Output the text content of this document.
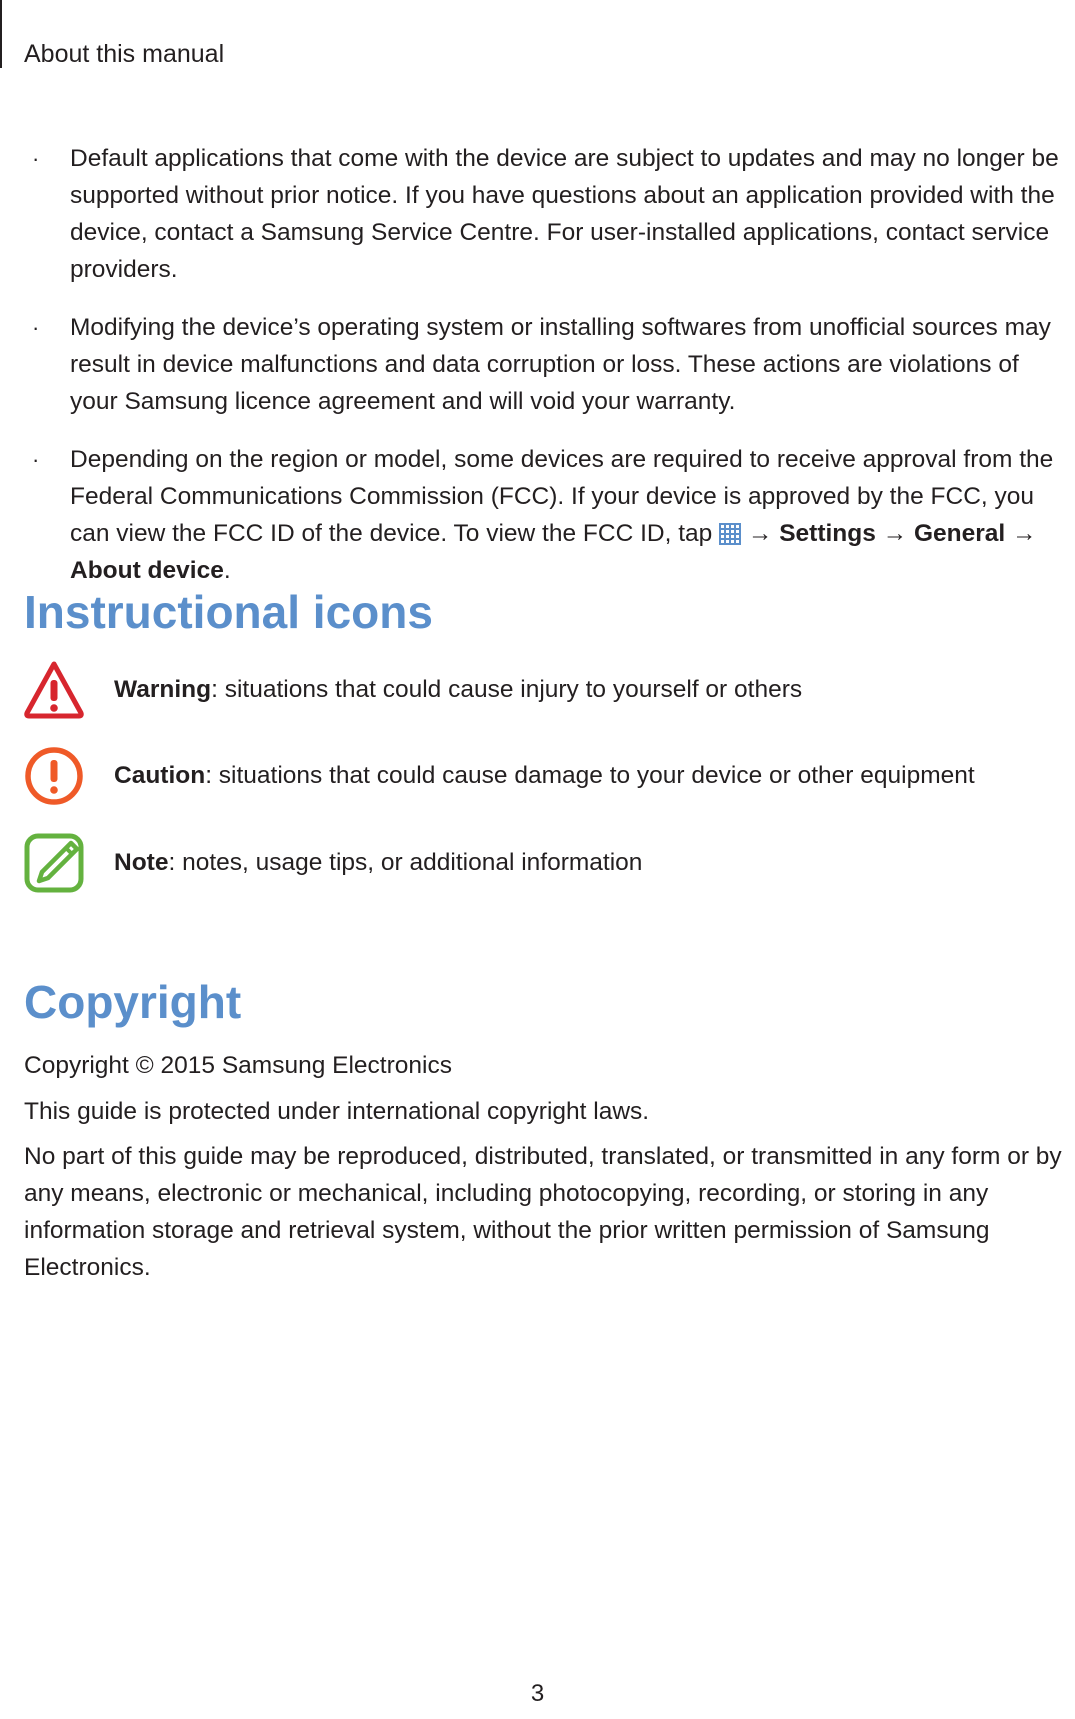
About this manual
· Default applications that come with the device are subject to updates and may no longer be supported without prior notice. If you have questions about an application provided with the device, contact a Samsung Service Centre. For user-installed applications, contact service providers.
· Modifying the device’s operating system or installing softwares from unofficial sources may result in device malfunctions and data corruption or loss. These actions are violations of your Samsung licence agreement and will void your warranty.
· Depending on the region or model, some devices are required to receive approval from the Federal Communications Commission (FCC). If your device is approved by the FCC, you can view the FCC ID of the device. To view the FCC ID, tap → Settings → General → About device.
Instructional icons
Warning: situations that could cause injury to yourself or others
Caution: situations that could cause damage to your device or other equipment
Note: notes, usage tips, or additional information
Copyright

Copyright © 2015 Samsung Electronics

This guide is protected under international copyright laws.

No part of this guide may be reproduced, distributed, translated, or transmitted in any form or by any means, electronic or mechanical, including photocopying, recording, or storing in any information storage and retrieval system, without the prior written permission of Samsung Electronics.

3
